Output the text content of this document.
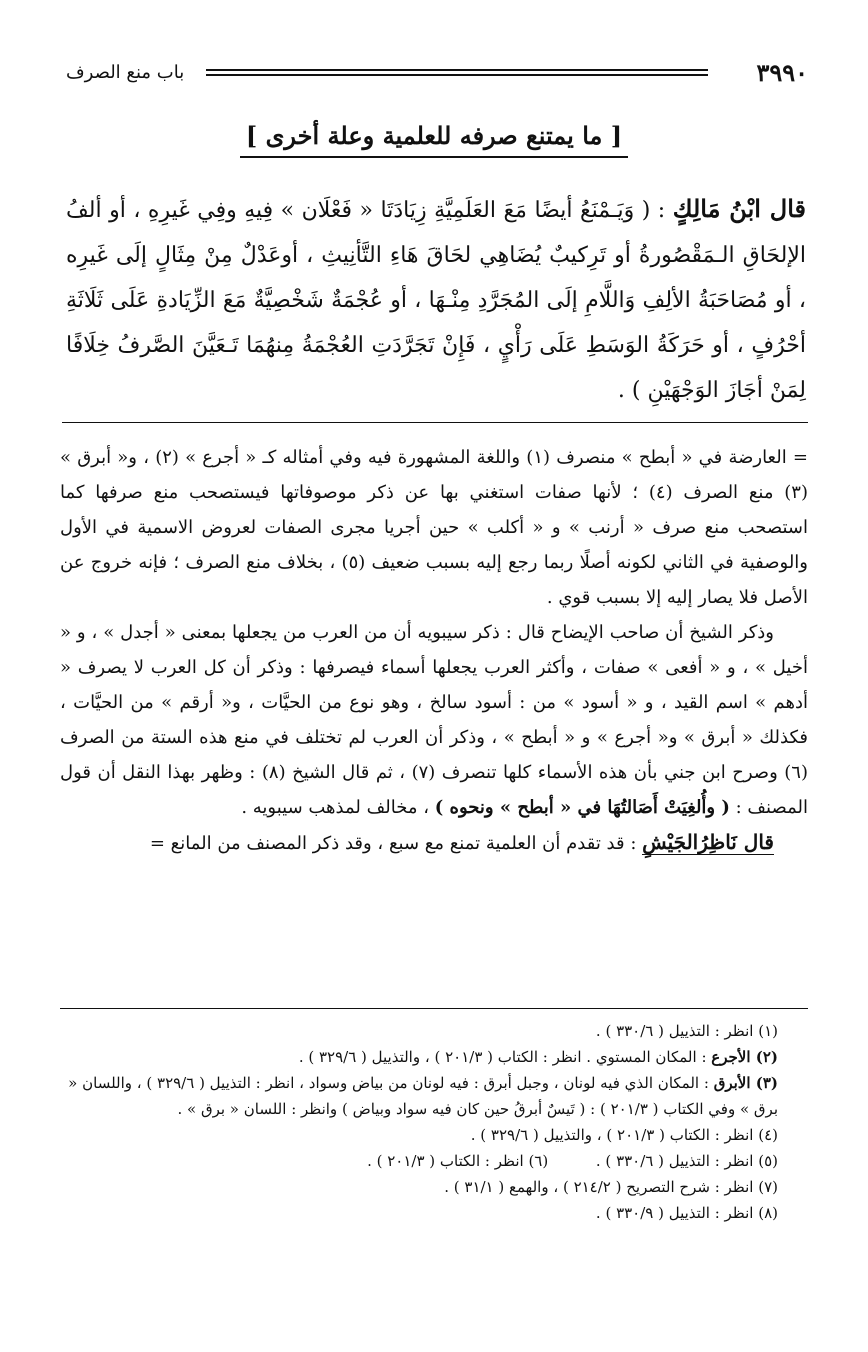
٣٩٩٠
باب منع الصرف
[ ما يمتنع صرفه للعلمية وعلة أخرى ]
قال ابْنُ مَالِكٍ : ( وَيَـمْنَعُ أيضًا مَعَ العَلَمِيَّةِ زِيَادَتَا « فَعْلَان » فِيهِ وفِي غَيرِهِ ، أو ألفُ الإلحَاقِ الـمَقْصُورةُ أو تَرِكيبٌ يُضَاهِي لحَاقَ هَاءِ التَّأنِيثِ ، أوعَدْلٌ مِنْ مِثَالٍ إلَى غَيرِه ، أو مُصَاحَبَةُ الألِفِ وَاللَّامِ إلَى المُجَرَّدِ مِنْـهَا ، أو عُجْمَةٌ شَخْصِيَّةٌ مَعَ الزِّيَادةِ عَلَى ثَلَاثَةِ أحْرُفٍ ، أو حَرَكَةُ الوَسَطِ عَلَى رَأْيٍ ، فَإِنْ تَجَرَّدَتِ العُجْمَةُ مِنهُمَا تَـعَيَّنَ الصَّرفُ خِلَافًا لِمَنْ أجَازَ الوَجْهَيْنِ ) .

= العارضة في « أبطح » منصرف (١) واللغة المشهورة فيه وفي أمثاله كـ « أجرع » (٢) ، و« أبرق » (٣) منع الصرف (٤) ؛ لأنها صفات استغني بها عن ذكر موصوفاتها فيستصحب منع صرفها كما استصحب منع صرف « أرنب » و « أكلب » حين أجريا مجرى الصفات لعروض الاسمية في الأول والوصفية في الثاني لكونه أصلًا ربما رجع إليه بسبب ضعيف (٥) ، بخلاف منع الصرف ؛ فإنه خروج عن الأصل فلا يصار إليه إلا بسبب قوي .

وذكر الشيخ أن صاحب الإيضاح قال : ذكر سيبويه أن من العرب من يجعلها بمعنى « أجدل » ، و « أخيل » ، و « أفعى » صفات ، وأكثر العرب يجعلها أسماء فيصرفها : وذكر أن كل العرب لا يصرف « أدهم » اسم القيد ، و « أسود » من : أسود سالخ ، وهو نوع من الحيَّات ، و« أرقم » من الحيَّات ، فكذلك « أبرق » و« أجرع » و « أبطح » ، وذكر أن العرب لم تختلف في منع هذه الستة من الصرف (٦) وصرح ابن جني بأن هذه الأسماء كلها تنصرف (٧) ، ثم قال الشيخ (٨) : وظهر بهذا النقل أن قول المصنف : ( وأُلغِيَتْ أَصَالتُهَا في « أبطح » ونحوه ) ، مخالف لمذهب سيبويه .

قال نَاظِرُالجَيْشِ : قد تقدم أن العلمية تمنع مع سبع ، وقد ذكر المصنف من المانع =

(١) انظر : التذييل ( ٣٣٠/٦ ) .
(٢) الأجرع : المكان المستوي . انظر : الكتاب ( ٢٠١/٣ ) ، والتذييل ( ٣٢٩/٦ ) .
(٣) الأبرق : المكان الذي فيه لونان ، وجبل أبرق : فيه لونان من بياض وسواد ، انظر : التذييل ( ٣٢٩/٦ ) ، واللسان « برق » وفي الكتاب ( ٢٠١/٣ ) : ( تَيسٌ أبرقُ حين كان فيه سواد وبياض ) وانظر : اللسان « برق » .
(٤) انظر : الكتاب ( ٢٠١/٣ ) ، والتذييل ( ٣٢٩/٦ ) .
(٥) انظر : التذييل ( ٣٣٠/٦ ) .          (٦) انظر : الكتاب ( ٢٠١/٣ ) .
(٧) انظر : شرح التصريح ( ٢١٤/٢ ) ، والهمع ( ٣١/١ ) .
(٨) انظر : التذييل ( ٣٣٠/٩ ) .
